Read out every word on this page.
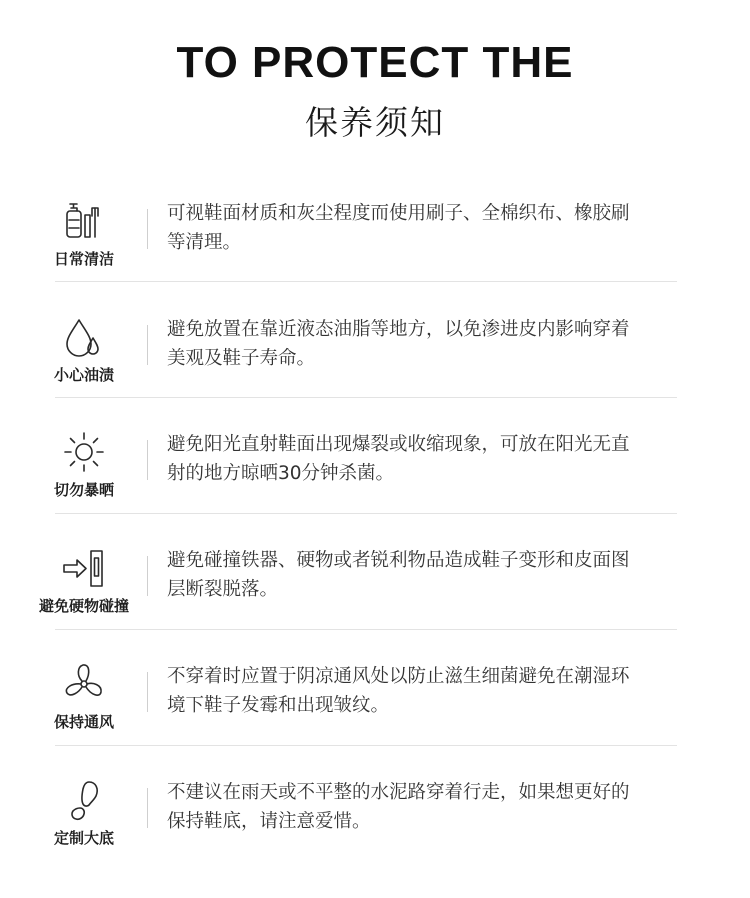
TO PROTECT THE
保养须知
日常清洁
可视鞋面材质和灰尘程度而使用刷子、全棉织布、橡胶刷
等清理。
小心油渍
避免放置在靠近液态油脂等地方，以免渗进皮内影响穿着
美观及鞋子寿命。
切勿暴晒
避免阳光直射鞋面出现爆裂或收缩现象，可放在阳光无直
射的地方晾晒30分钟杀菌。
避免硬物碰撞
避免碰撞铁器、硬物或者锐利物品造成鞋子变形和皮面图
层断裂脱落。
保持通风
不穿着时应置于阴凉通风处以防止滋生细菌避免在潮湿环
境下鞋子发霉和出现皱纹。
定制大底
不建议在雨天或不平整的水泥路穿着行走，如果想更好的
保持鞋底，请注意爱惜。
